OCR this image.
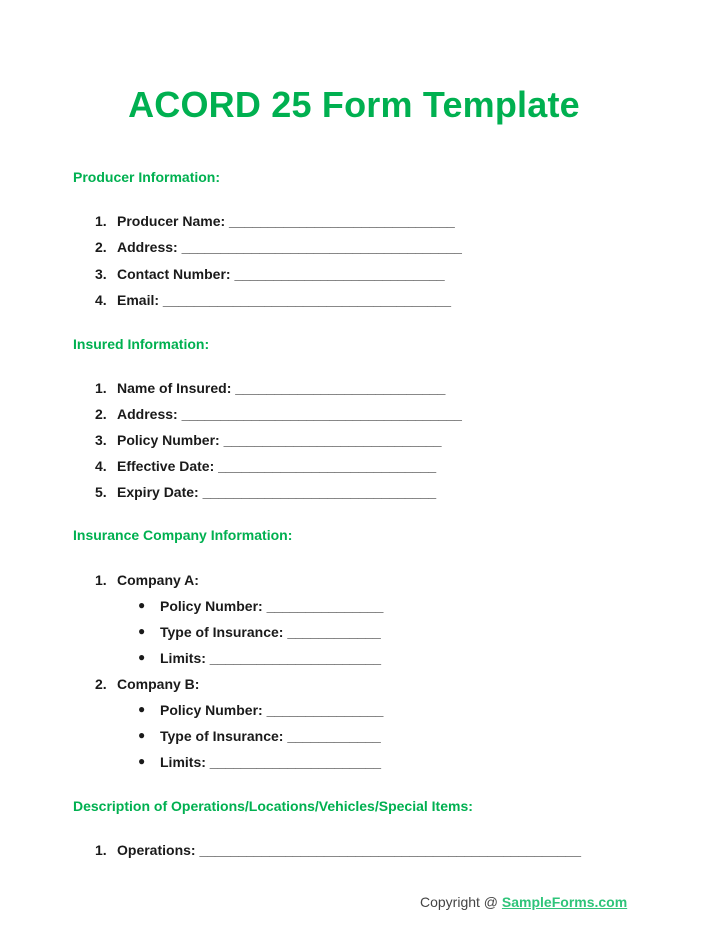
ACORD 25 Form Template
Producer Information:
1. Producer Name: _____________________________
2. Address: ____________________________________
3. Contact Number: ___________________________
4. Email: _____________________________________
Insured Information:
1. Name of Insured: ___________________________
2. Address: ____________________________________
3. Policy Number: ____________________________
4. Effective Date: ____________________________
5. Expiry Date: ______________________________
Insurance Company Information:
1. Company A:
● Policy Number: _______________
● Type of Insurance: ____________
● Limits: ______________________
2. Company B:
● Policy Number: _______________
● Type of Insurance: ____________
● Limits: ______________________
Description of Operations/Locations/Vehicles/Special Items:
1. Operations: _________________________________________________
Copyright @ SampleForms.com
